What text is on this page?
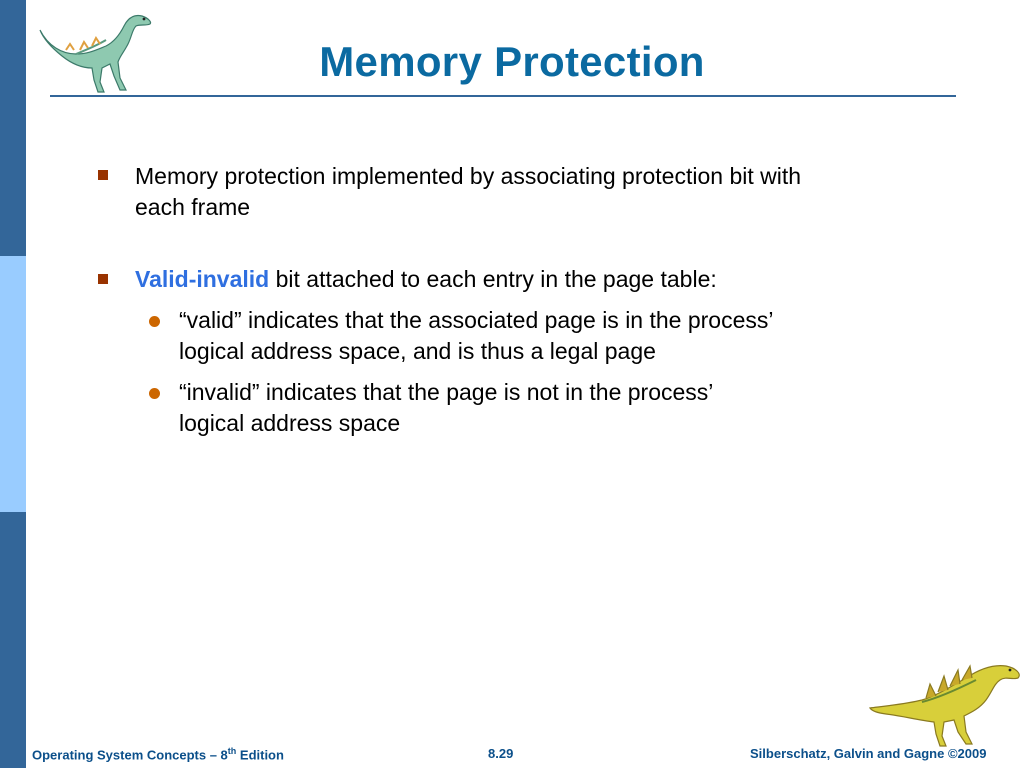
Memory Protection
Memory protection implemented by associating protection bit with each frame
Valid-invalid bit attached to each entry in the page table:
“valid” indicates that the associated page is in the process’
logical address space, and is thus a legal page
“invalid” indicates that the page is not in the process’
logical address space
Operating System Concepts – 8th Edition	8.29	Silberschatz, Galvin and Gagne ©2009
